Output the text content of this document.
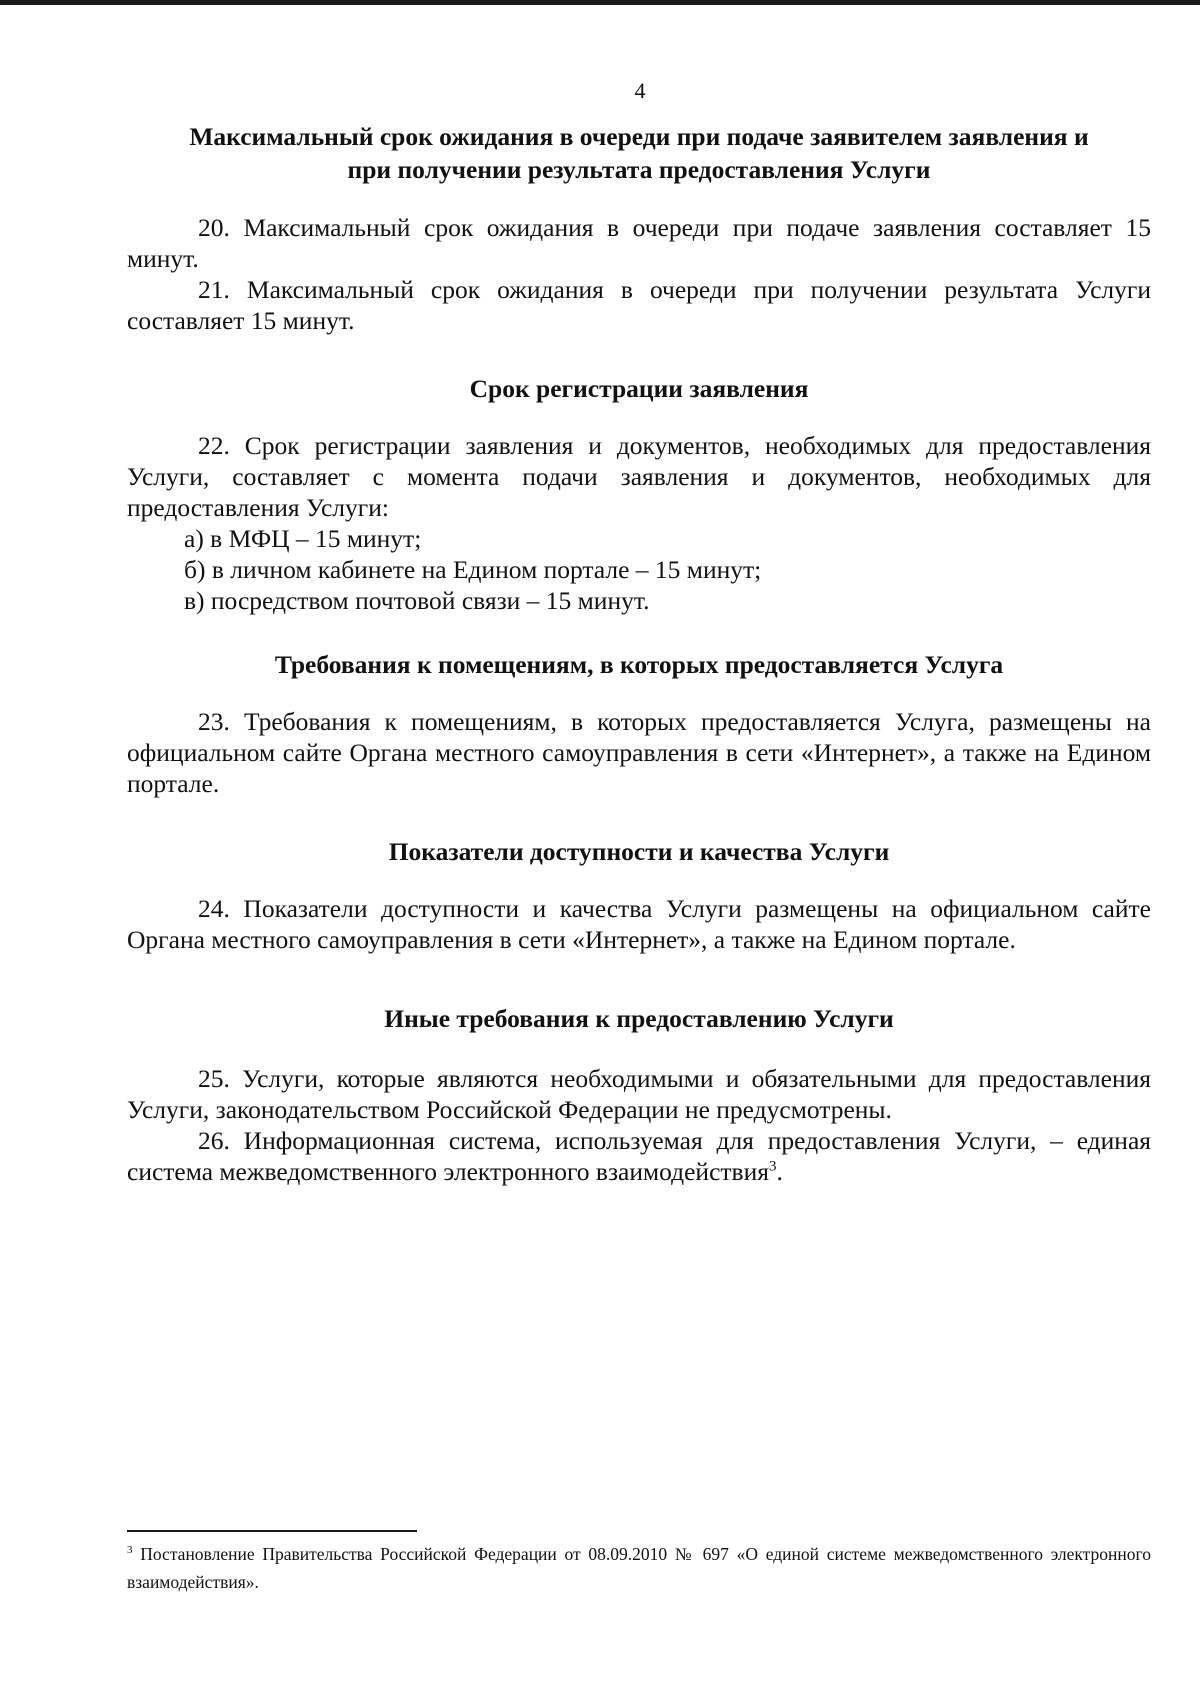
4

Максимальный срок ожидания в очереди при подаче заявителем заявления и

при получении результата предоставления Услуги

20. Максимальный срок ожидания в очереди при подаче заявления составляет 15 минут.

21. Максимальный срок ожидания в очереди при получении результата Услуги составляет 15 минут.

Срок регистрации заявления

22. Срок регистрации заявления и документов, необходимых для предоставления Услуги, составляет с момента подачи заявления и документов, необходимых для предоставления Услуги:

а) в МФЦ – 15 минут;

б) в личном кабинете на Едином портале – 15 минут;

в) посредством почтовой связи – 15 минут.

Требования к помещениям, в которых предоставляется Услуга

23. Требования к помещениям, в которых предоставляется Услуга, размещены на официальном сайте Органа местного самоуправления в сети «Интернет», а также на Едином портале.

Показатели доступности и качества Услуги

24. Показатели доступности и качества Услуги размещены на официальном сайте Органа местного самоуправления в сети «Интернет», а также на Едином портале.

Иные требования к предоставлению Услуги

25. Услуги, которые являются необходимыми и обязательными для предоставления Услуги, законодательством Российской Федерации не предусмотрены.

26. Информационная система, используемая для предоставления Услуги, – единая система межведомственного электронного взаимодействия$^3$.

$^3$ Постановление Правительства Российской Федерации от 08.09.2010 № 697 «О единой системе межведомственного электронного взаимодействия».
